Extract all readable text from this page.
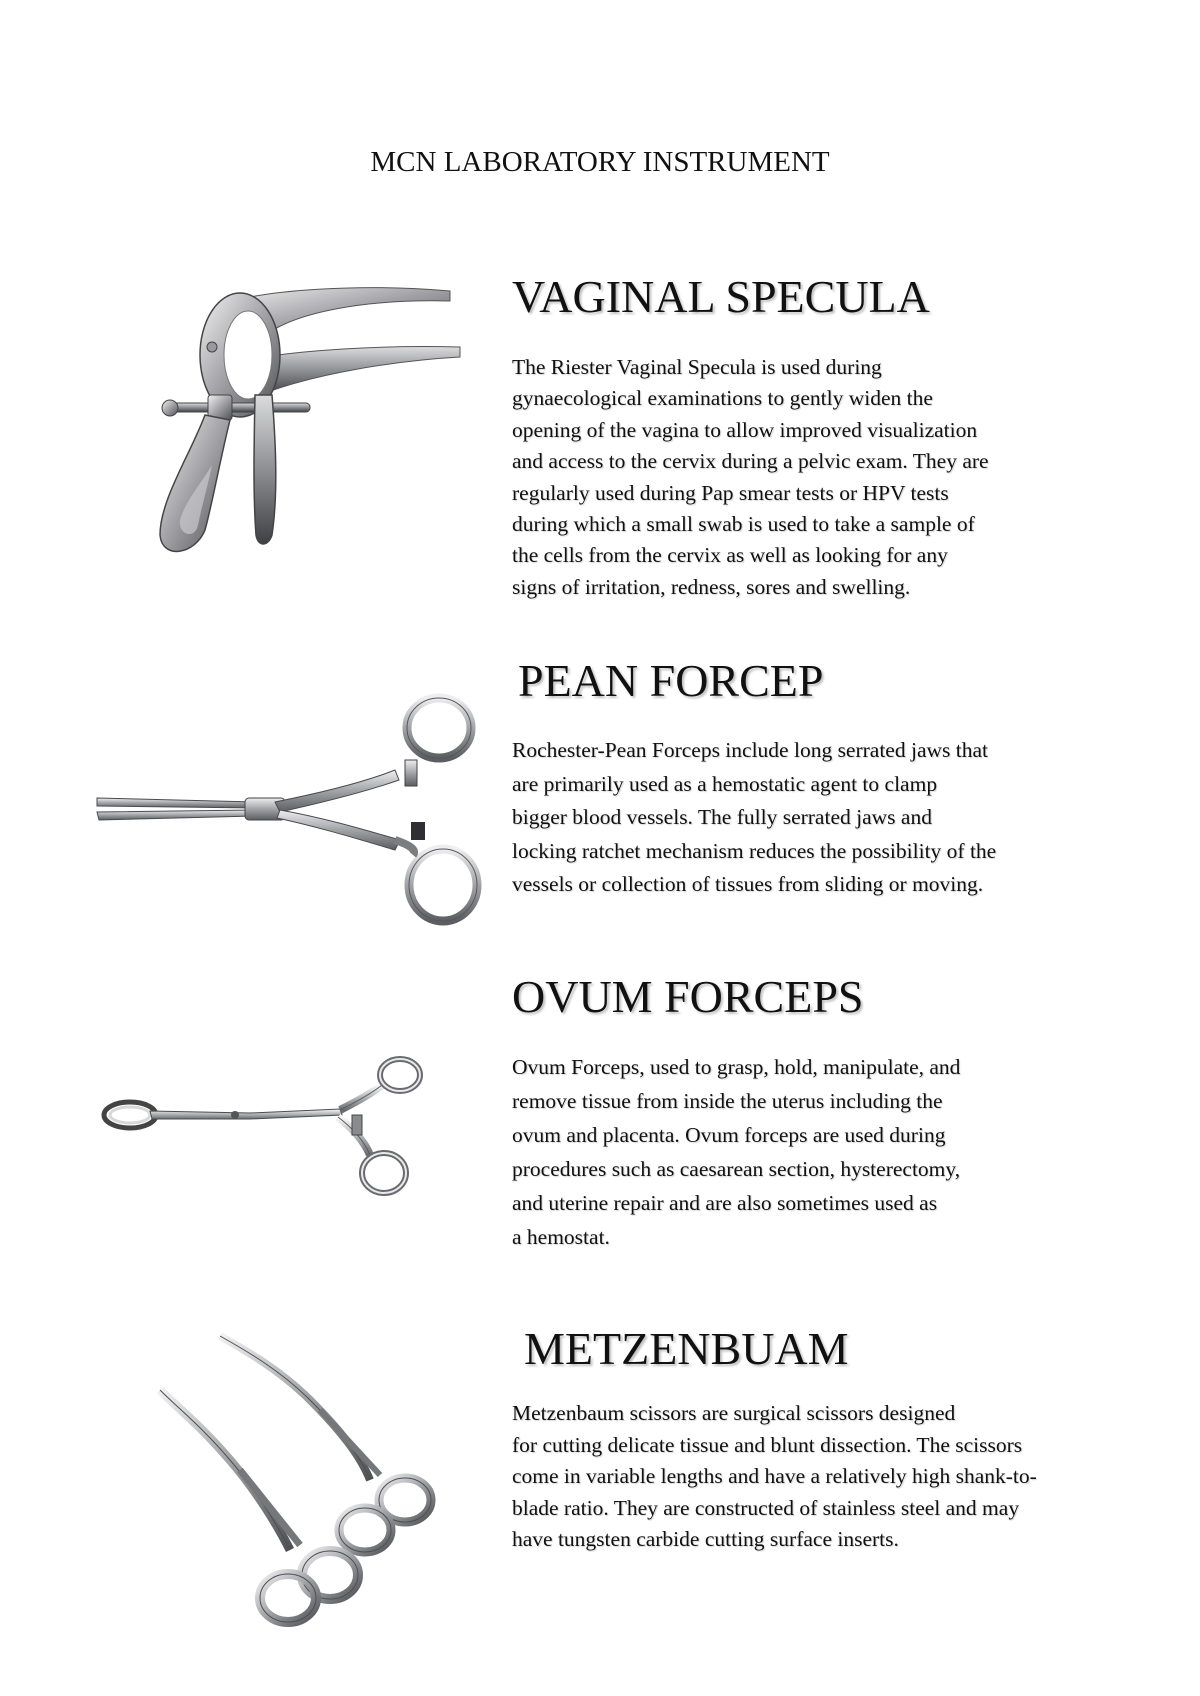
MCN LABORATORY INSTRUMENT
VAGINAL SPECULA
The Riester Vaginal Specula is used during
gynaecological examinations to gently widen the
opening of the vagina to allow improved visualization
and access to the cervix during a pelvic exam. They are
regularly used during Pap smear tests or HPV tests
during which a small swab is used to take a sample of
the cells from the cervix as well as looking for any
signs of irritation, redness, sores and swelling.
PEAN FORCEP
Rochester-Pean Forceps include long serrated jaws that
are primarily used as a hemostatic agent to clamp
bigger blood vessels. The fully serrated jaws and
locking ratchet mechanism reduces the possibility of the
vessels or collection of tissues from sliding or moving.
OVUM FORCEPS
Ovum Forceps, used to grasp, hold, manipulate, and
remove tissue from inside the uterus including the
ovum and placenta. Ovum forceps are used during
procedures such as caesarean section, hysterectomy,
and uterine repair and are also sometimes used as
a hemostat.
METZENBUAM
Metzenbaum scissors are surgical scissors designed
for cutting delicate tissue and blunt dissection. The scissors
come in variable lengths and have a relatively high shank-to-
blade ratio. They are constructed of stainless steel and may
have tungsten carbide cutting surface inserts.
